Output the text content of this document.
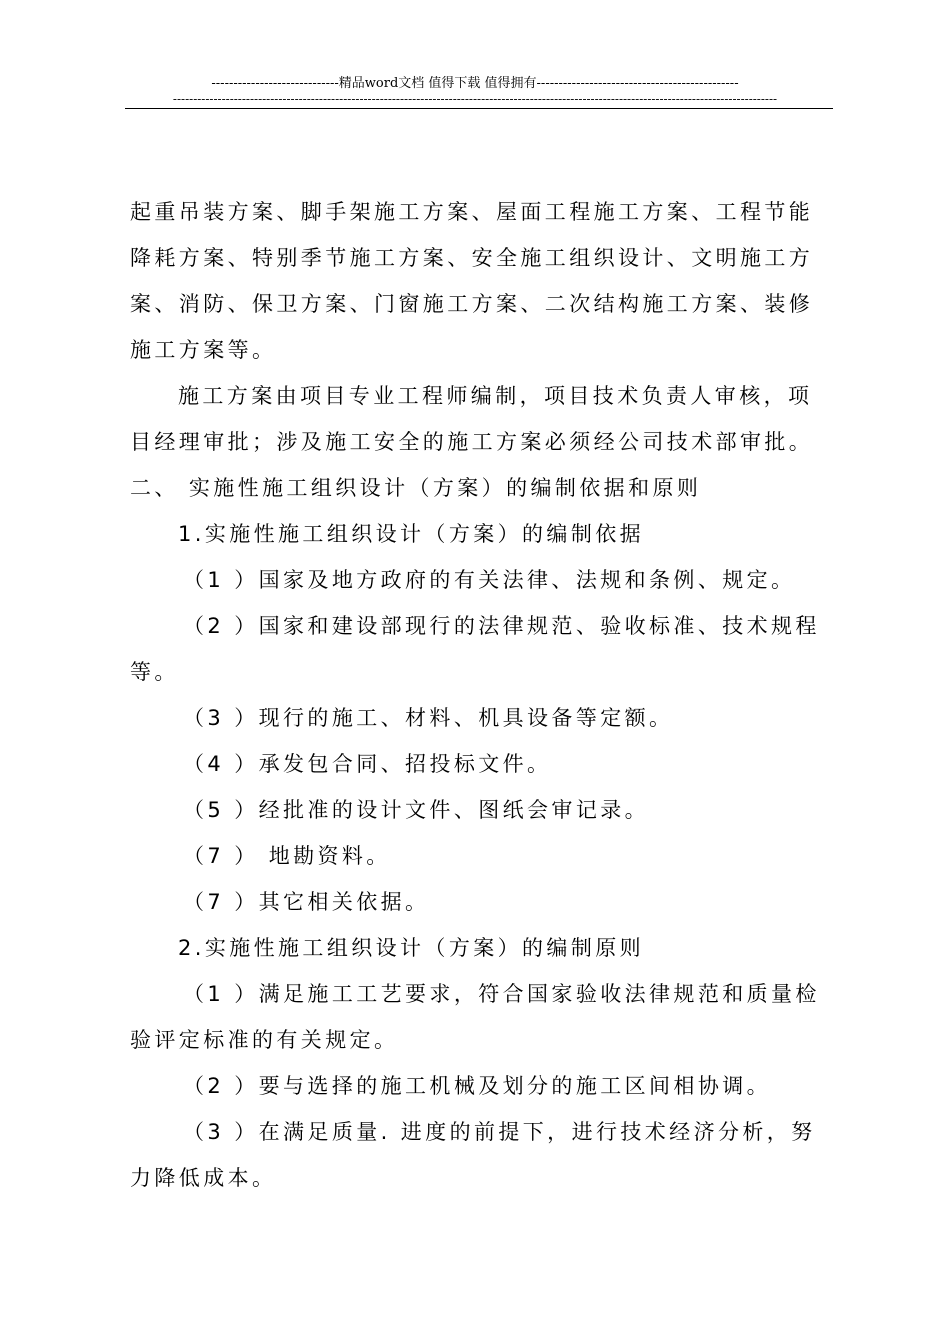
-----------------------------精品word文档 值得下载 值得拥有----------------------------------------------
-----------------------------------------------------------------------------------------------------------------------------------------------------
起重吊装方案、脚手架施工方案、屋面工程施工方案、工程节能
降耗方案、特别季节施工方案、安全施工组织设计、文明施工方
案、消防、保卫方案、门窗施工方案、二次结构施工方案、装修
施工方案等。
施工方案由项目专业工程师编制，项目技术负责人审核，项
目经理审批；涉及施工安全的施工方案必须经公司技术部审批。
二、 实施性施工组织设计（方案）的编制依据和原则
1.实施性施工组织设计（方案）的编制依据
（1 ）国家及地方政府的有关法律、法规和条例、规定。
（2 ）国家和建设部现行的法律规范、验收标准、技术规程
等。
（3 ）现行的施工、材料、机具设备等定额。
（4 ）承发包合同、招投标文件。
（5 ）经批准的设计文件、图纸会审记录。
（7 ） 地勘资料。
（7 ）其它相关依据。
2.实施性施工组织设计（方案）的编制原则
（1 ）满足施工工艺要求，符合国家验收法律规范和质量检
验评定标准的有关规定。
（2 ）要与选择的施工机械及划分的施工区间相协调。
（3 ）在满足质量. 进度的前提下，进行技术经济分析，努
力降低成本。
